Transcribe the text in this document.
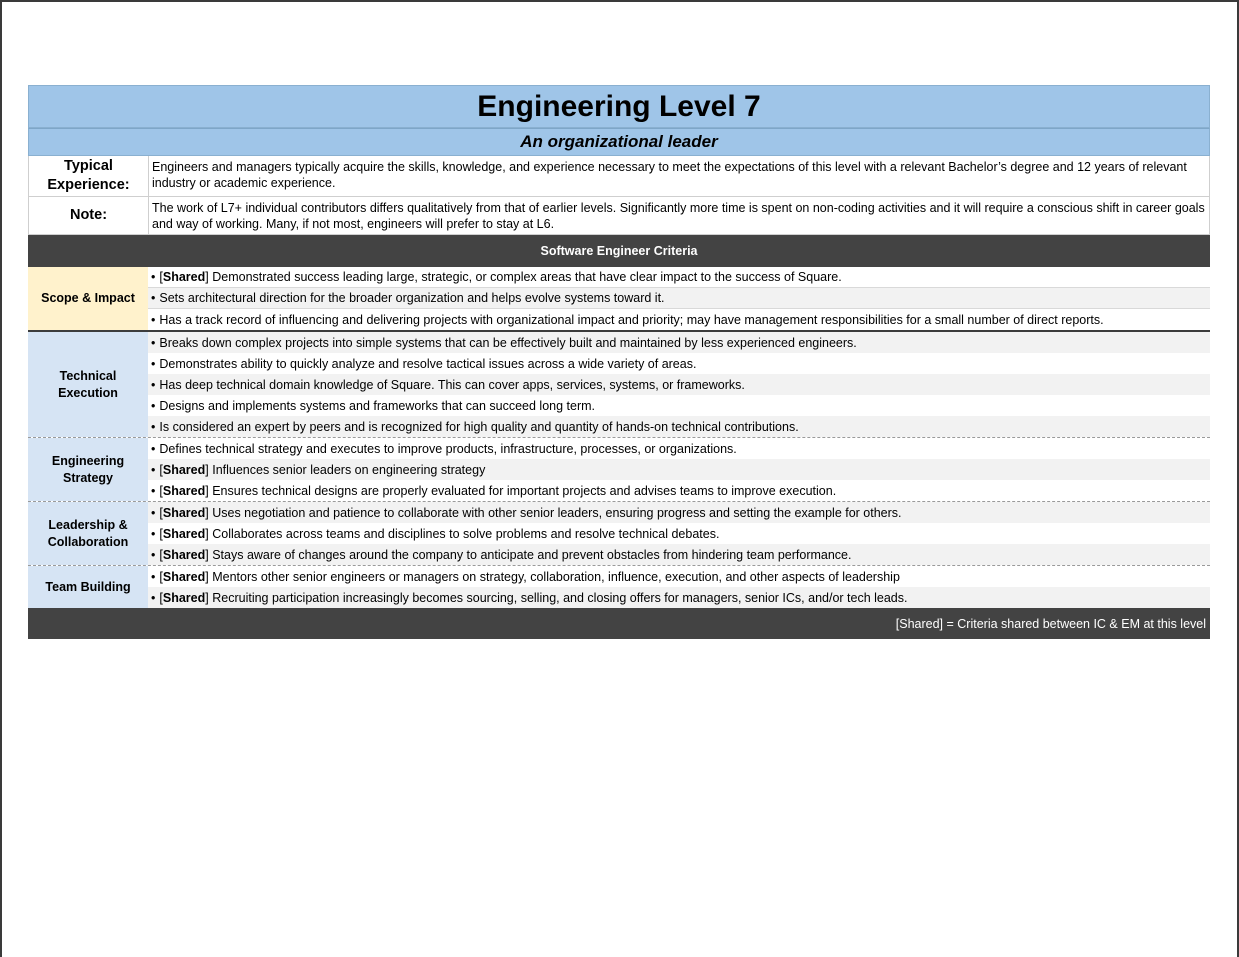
Engineering Level 7
An organizational leader
Typical Experience:
Engineers and managers typically acquire the skills, knowledge, and experience necessary to meet the expectations of this level with a relevant Bachelor’s degree and 12 years of relevant industry or academic experience.
Note:	The work of L7+ individual contributors differs qualitatively from that of earlier levels. Significantly more time is spent on non-coding activities and it will require a conscious shift in career goals and way of working. Many, if not most, engineers will prefer to stay at L6.
Software Engineer Criteria
Scope & Impact
• [ Shared ] Demonstrated success leading large, strategic, or complex areas that have clear impact to the success of Square.
• Sets architectural direction for the broader organization and helps evolve systems toward it.
• Has a track record of influencing and delivering projects with organizational impact and priority; may have management responsibilities for a small number of direct reports.
Technical Execution
• Breaks down complex projects into simple systems that can be effectively built and maintained by less experienced engineers.
• Demonstrates ability to quickly analyze and resolve tactical issues across a wide variety of areas.
• Has deep technical domain knowledge of Square. This can cover apps, services, systems, or frameworks.
• Designs and implements systems and frameworks that can succeed long term.
• Is considered an expert by peers and is recognized for high quality and quantity of hands-on technical contributions.
Engineering Strategy
• Defines technical strategy and executes to improve products, infrastructure, processes, or organizations.
• [ Shared ] Influences senior leaders on engineering strategy
• [ Shared ] Ensures technical designs are properly evaluated for important projects and advises teams to improve execution.
Leadership & Collaboration
• [ Shared ] Uses negotiation and patience to collaborate with other senior leaders, ensuring progress and setting the example for others.
• [ Shared ] Collaborates across teams and disciplines to solve problems and resolve technical debates.
• [ Shared ] Stays aware of changes around the company to anticipate and prevent obstacles from hindering team performance.
Team Building
• [ Shared ] Mentors other senior engineers or managers on strategy, collaboration, influence, execution, and other aspects of leadership
• [ Shared ] Recruiting participation increasingly becomes sourcing, selling, and closing offers for managers, senior ICs, and/or tech leads.
[Shared] = Criteria shared between IC & EM at this level
